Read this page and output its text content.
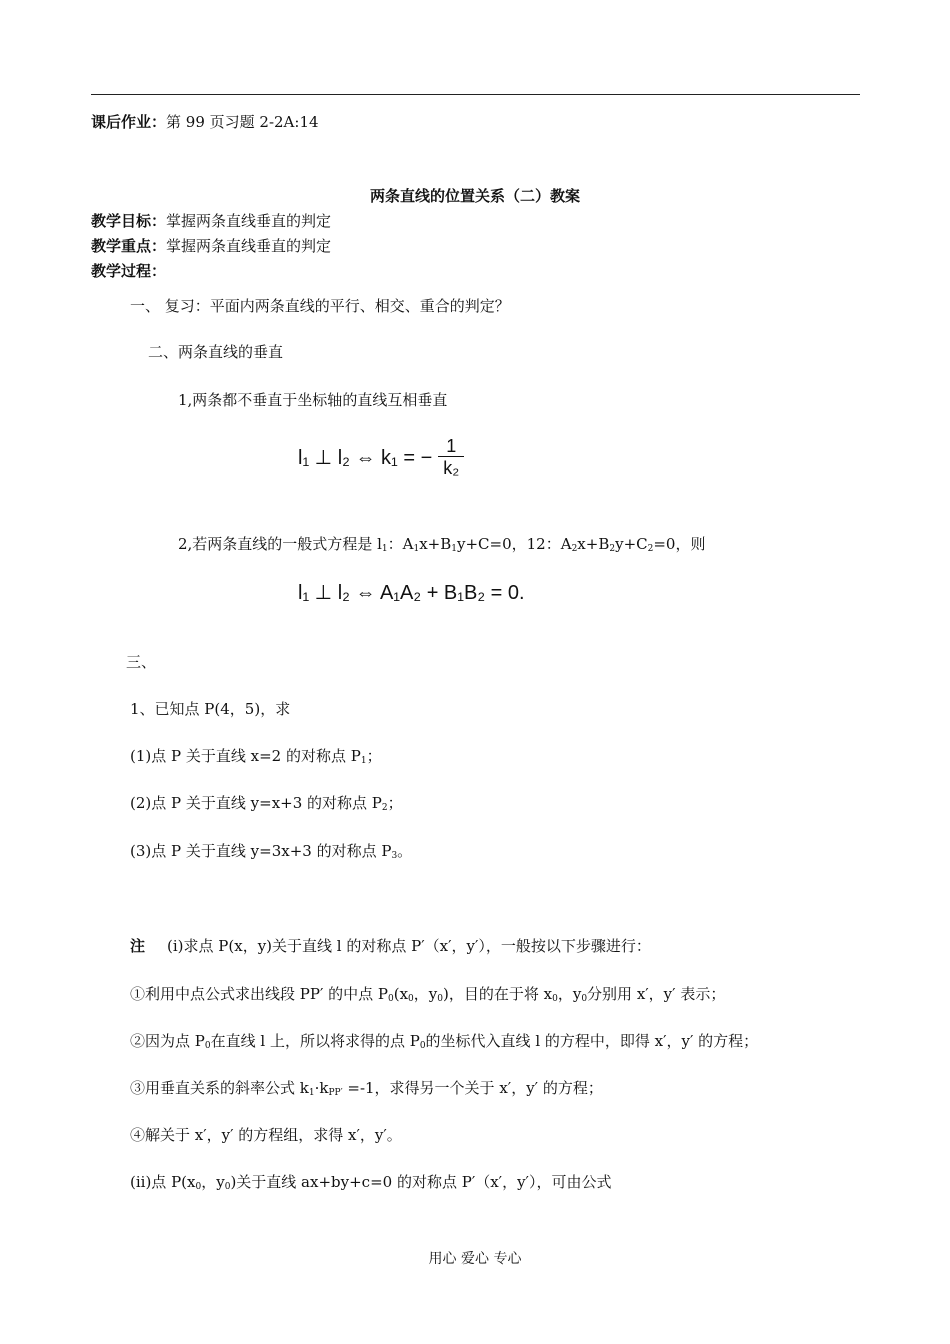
课后作业：第 99 页习题 2-2A:14
两条直线的位置关系（二）教案
教学目标：掌握两条直线垂直的判定
教学重点：掌握两条直线垂直的判定
教学过程：
一、 复习：平面内两条直线的平行、相交、重合的判定？
二、两条直线的垂直
1,两条都不垂直于坐标轴的直线互相垂直
l₁ ⊥ l₂ ⇔ k₁ = − $\frac{1}{\text{k₂}}$
2,若两条直线的一般式方程是 $l_1$：$A_1x+B_1y+C=0$，12：$A_2x+B_2y+C_2=0$，则
l₁ ⊥ l₂ ⇔ A₁A₂ + B₁B₂ = 0.
三、
1、已知点 P(4，5)，求
(1)点 P 关于直线 x=2 的对称点 $P_1$；
(2)点 P 关于直线 y=x+3 的对称点 $P_2$；
(3)点 P 关于直线 y=3x+3 的对称点 $P_3$。
注 (i)求点 P(x，y)关于直线 l 的对称点 P′（x′，y′），一般按以下步骤进行：
①利用中点公式求出线段 PP′ 的中点 $P_0(x_0$，$y_0$)，目的在于将 $x_0$，$y_0$分别用 x′，y′ 表示；
②因为点 $P_0$在直线 l 上，所以将求得的点 $P_0$的坐标代入直线 l 的方程中，即得 x′，y′ 的方程；
③用垂直关系的斜率公式 $k_1\cdot k_{PP'} =-1$，求得另一个关于 x′，y′ 的方程；
④解关于 x′，y′ 的方程组，求得 x′，y′。
(ii)点 $P(x_0$，$y_0$)关于直线 ax+by+c=0 的对称点 P′（x′，y′），可由公式
用心 爱心 专心
